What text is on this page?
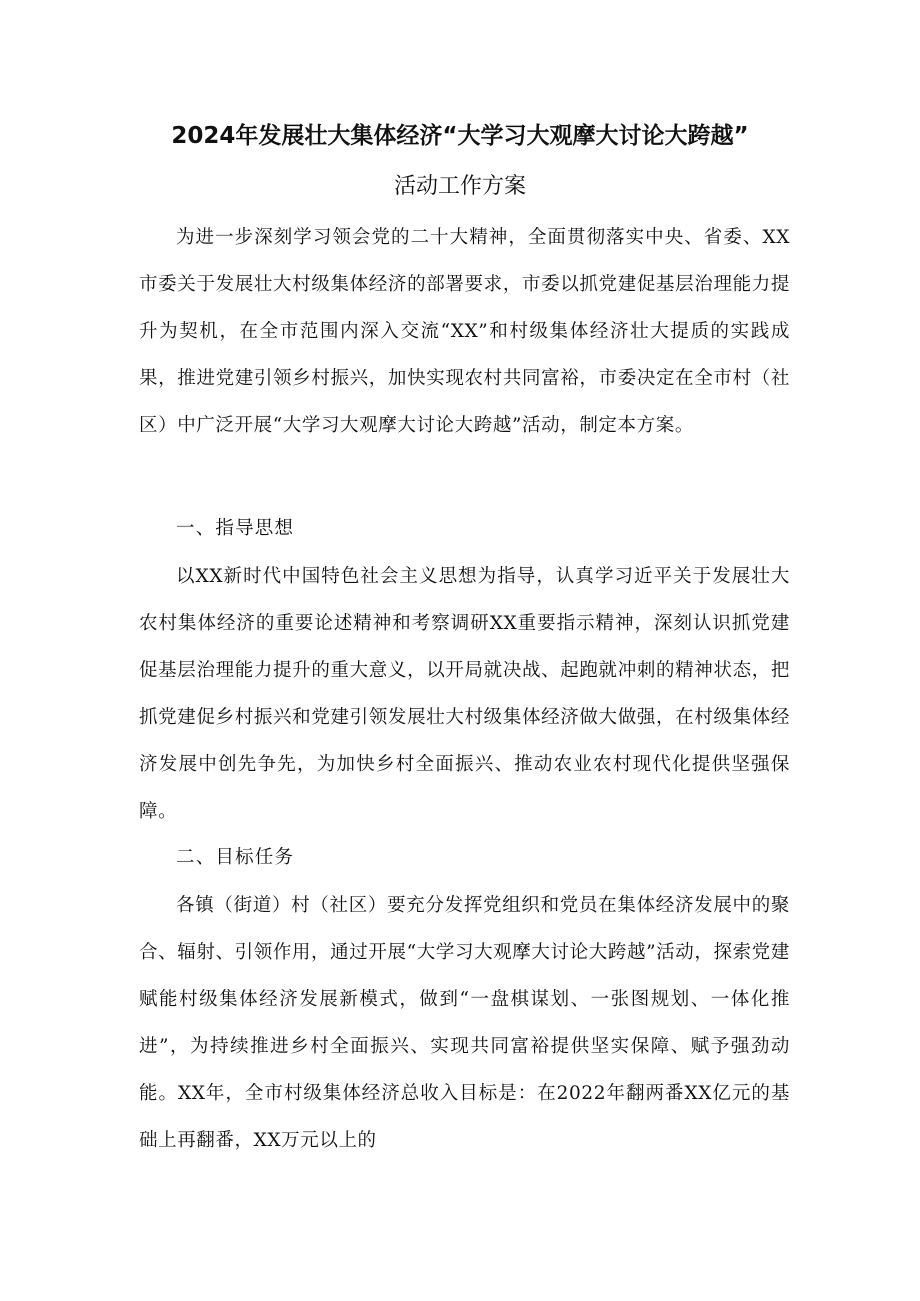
2024年发展壮大集体经济“大学习大观摩大讨论大跨越”
活动工作方案

为进一步深刻学习领会党的二十大精神，全面贯彻落实中央、省委、XX市委关于发展壮大村级集体经济的部署要求，市委以抓党建促基层治理能力提升为契机，在全市范围内深入交流“XX”和村级集体经济壮大提质的实践成果，推进党建引领乡村振兴，加快实现农村共同富裕，市委决定在全市村（社区）中广泛开展“大学习大观摩大讨论大跨越”活动，制定本方案。

一、指导思想

以XX新时代中国特色社会主义思想为指导，认真学习近平关于发展壮大农村集体经济的重要论述精神和考察调研XX重要指示精神，深刻认识抓党建促基层治理能力提升的重大意义，以开局就决战、起跑就冲刺的精神状态，把抓党建促乡村振兴和党建引领发展壮大村级集体经济做大做强，在村级集体经济发展中创先争先，为加快乡村全面振兴、推动农业农村现代化提供坚强保障。

二、目标任务

各镇（街道）村（社区）要充分发挥党组织和党员在集体经济发展中的聚合、辐射、引领作用，通过开展“大学习大观摩大讨论大跨越”活动，探索党建赋能村级集体经济发展新模式，做到“一盘棋谋划、一张图规划、一体化推进”，为持续推进乡村全面振兴、实现共同富裕提供坚实保障、赋予强劲动能。XX年，全市村级集体经济总收入目标是：在2022年翻两番XX亿元的基础上再翻番，XX万元以上的
